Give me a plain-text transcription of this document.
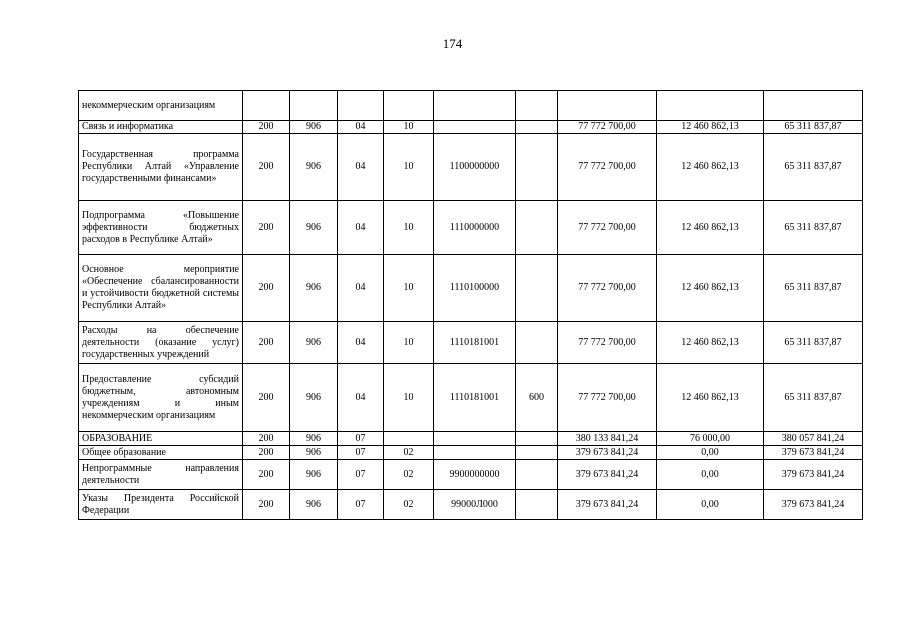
174
некоммерческим организациям									
Связь и информатика	200	906	04	10			77 772 700,00	12 460 862,13	65 311 837,87
Государственная программа Республики Алтай «Управление государственными финансами»	200	906	04	10	1100000000		77 772 700,00	12 460 862,13	65 311 837,87
Подпрограмма «Повышение эффективности бюджетных расходов в Республике Алтай»	200	906	04	10	1110000000		77 772 700,00	12 460 862,13	65 311 837,87
Основное мероприятие «Обеспечение сбалансированности и устойчивости бюджетной системы Республики Алтай»	200	906	04	10	1110100000		77 772 700,00	12 460 862,13	65 311 837,87
Расходы на обеспечение деятельности (оказание услуг) государственных учреждений	200	906	04	10	1110181001		77 772 700,00	12 460 862,13	65 311 837,87
Предоставление субсидий бюджетным, автономным учреждениям и иным некоммерческим организациям	200	906	04	10	1110181001	600	77 772 700,00	12 460 862,13	65 311 837,87
ОБРАЗОВАНИЕ	200	906	07				380 133 841,24	76 000,00	380 057 841,24
Общее образование	200	906	07	02			379 673 841,24	0,00	379 673 841,24
Непрограммные направления деятельности	200	906	07	02	9900000000		379 673 841,24	0,00	379 673 841,24
Указы Президента Российской Федерации	200	906	07	02	99000Л000		379 673 841,24	0,00	379 673 841,24
